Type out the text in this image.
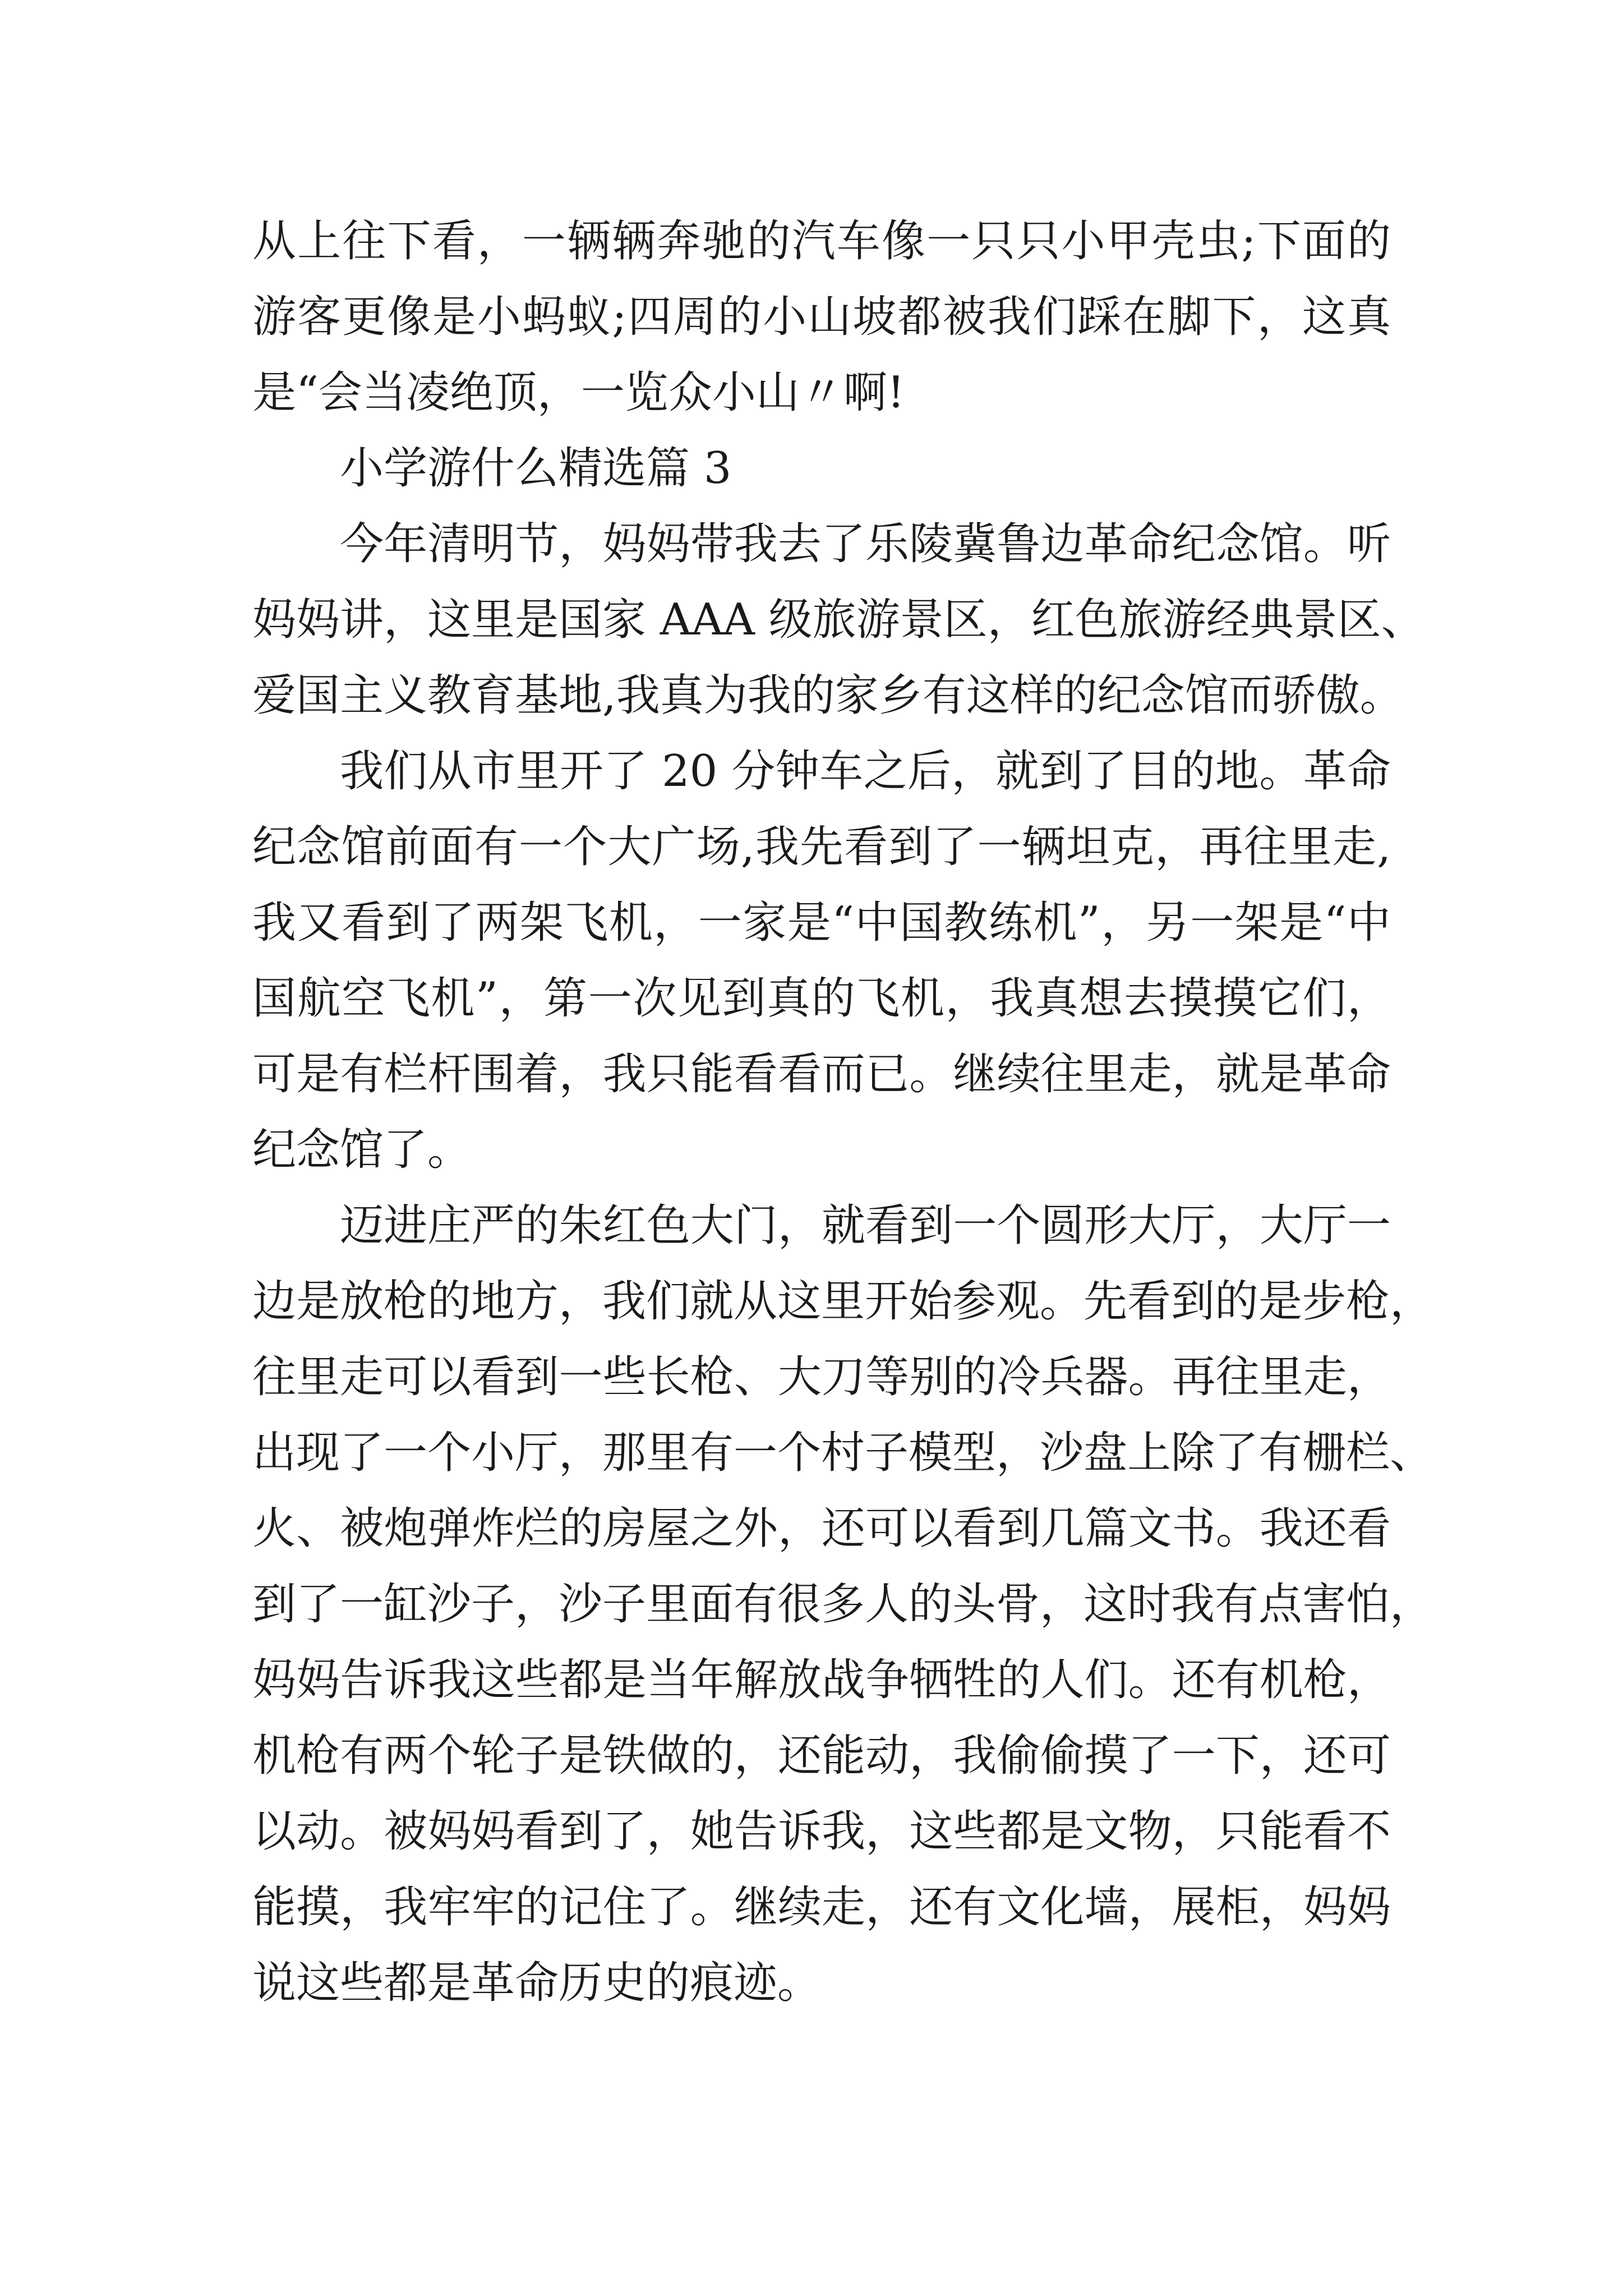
从上往下看，一辆辆奔驰的汽车像一只只小甲壳虫;下面的
游客更像是小蚂蚁;四周的小山坡都被我们踩在脚下，这真
是“会当凌绝顶，一览众小山〃啊!
小学游什么精选篇 3
今年清明节，妈妈带我去了乐陵冀鲁边革命纪念馆。听
妈妈讲，这里是国家 AAA 级旅游景区，红色旅游经典景区、
爱国主义教育基地,我真为我的家乡有这样的纪念馆而骄傲。
我们从市里开了 20 分钟车之后，就到了目的地。革命
纪念馆前面有一个大广场,我先看到了一辆坦克，再往里走,
我又看到了两架飞机，一家是“中国教练机”，另一架是“中
国航空飞机”，第一次见到真的飞机，我真想去摸摸它们，
可是有栏杆围着，我只能看看而已。继续往里走，就是革命
纪念馆了。
迈进庄严的朱红色大门，就看到一个圆形大厅，大厅一
边是放枪的地方，我们就从这里开始参观。先看到的是步枪，
往里走可以看到一些长枪、大刀等别的冷兵器。再往里走，
出现了一个小厅，那里有一个村子模型，沙盘上除了有栅栏、
火、被炮弹炸烂的房屋之外，还可以看到几篇文书。我还看
到了一缸沙子，沙子里面有很多人的头骨，这时我有点害怕，
妈妈告诉我这些都是当年解放战争牺牲的人们。还有机枪，
机枪有两个轮子是铁做的，还能动，我偷偷摸了一下，还可
以动。被妈妈看到了，她告诉我，这些都是文物，只能看不
能摸，我牢牢的记住了。继续走，还有文化墙，展柜，妈妈
说这些都是革命历史的痕迹。
